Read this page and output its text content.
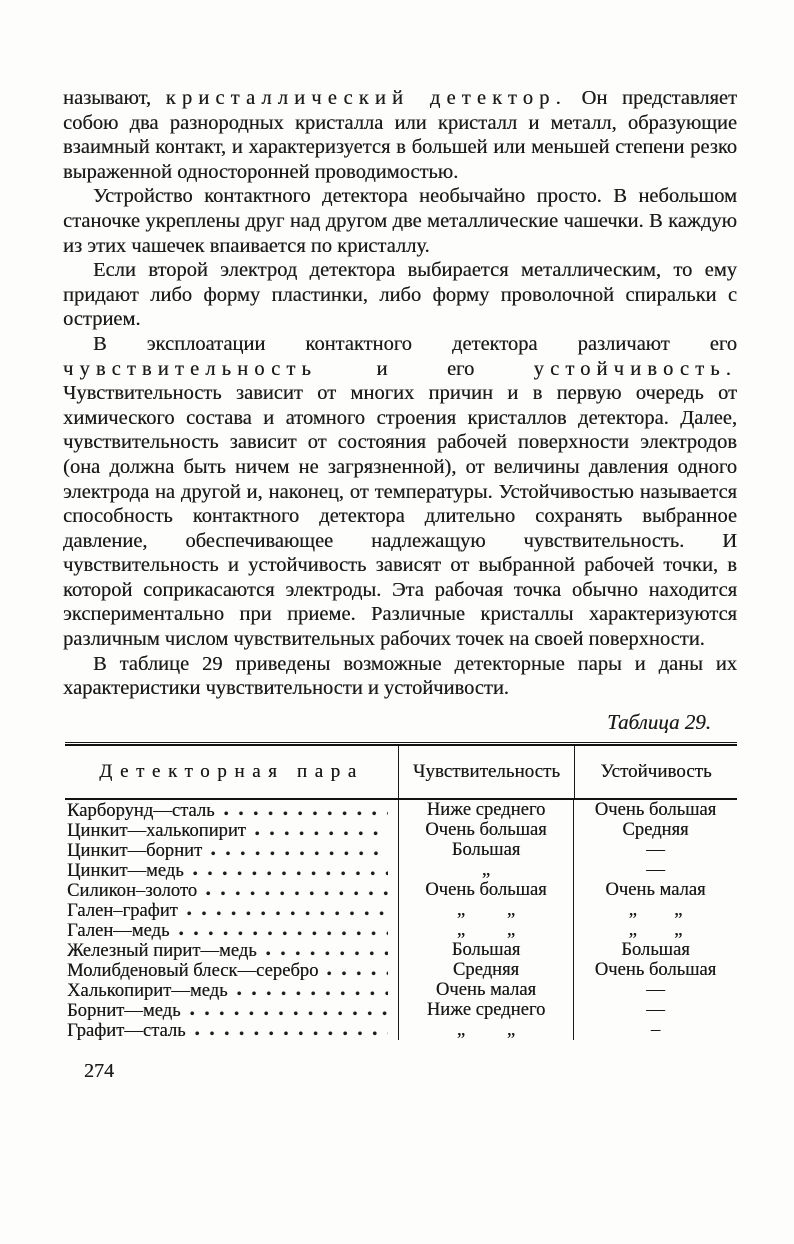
называют, кристаллический детектор. Он представляет собою два разнородных кристалла или кристалл и металл, образующие взаимный контакт, и характеризуется в большей или меньшей степени резко выраженной односторонней проводимостью.

Устройство контактного детектора необычайно просто. В небольшом станочке укреплены друг над другом две металлические чашечки. В каждую из этих чашечек впаивается по кристаллу.

Если второй электрод детектора выбирается металлическим, то ему придают либо форму пластинки, либо форму проволочной спиральки с острием.

В эксплоатации контактного детектора различают его чувствительность и его устойчивость. Чувствительность зависит от многих причин и в первую очередь от химического состава и атомного строения кристаллов детектора. Далее, чувствительность зависит от состояния рабочей поверхности электродов (она должна быть ничем не загрязненной), от величины давления одного электрода на другой и, наконец, от температуры. Устойчивостью называется способность контактного детектора длительно сохранять выбранное давление, обеспечивающее надлежащую чувствительность. И чувствительность и устойчивость зависят от выбранной рабочей точки, в которой соприкасаются электроды. Эта рабочая точка обычно находится экспериментально при приеме. Различные кристаллы характеризуются различным числом чувствительных рабочих точек на своей поверхности.

В таблице 29 приведены возможные детекторные пары и даны их характеристики чувствительности и устойчивости.

Таблица 29.
Детекторная пара	Чувствительность	Устойчивость
Карборунд—сталь	Ниже среднего	Очень большая
Цинкит—халькопирит	Очень большая	Средняя
Цинкит—борнит	Большая	—
Цинкит—медь	„	—
Силикон–золото	Очень большая	Очень малая
Гален–графит	„         „	„        „
Гален—медь	„         „	„        „
Железный пирит—медь	Большая	Большая
Молибденовый блеск—серебро	Средняя	Очень большая
Халькопирит—медь	Очень малая	—
Борнит—медь	Ниже среднего	—
Графит—сталь	„         „	–
274
